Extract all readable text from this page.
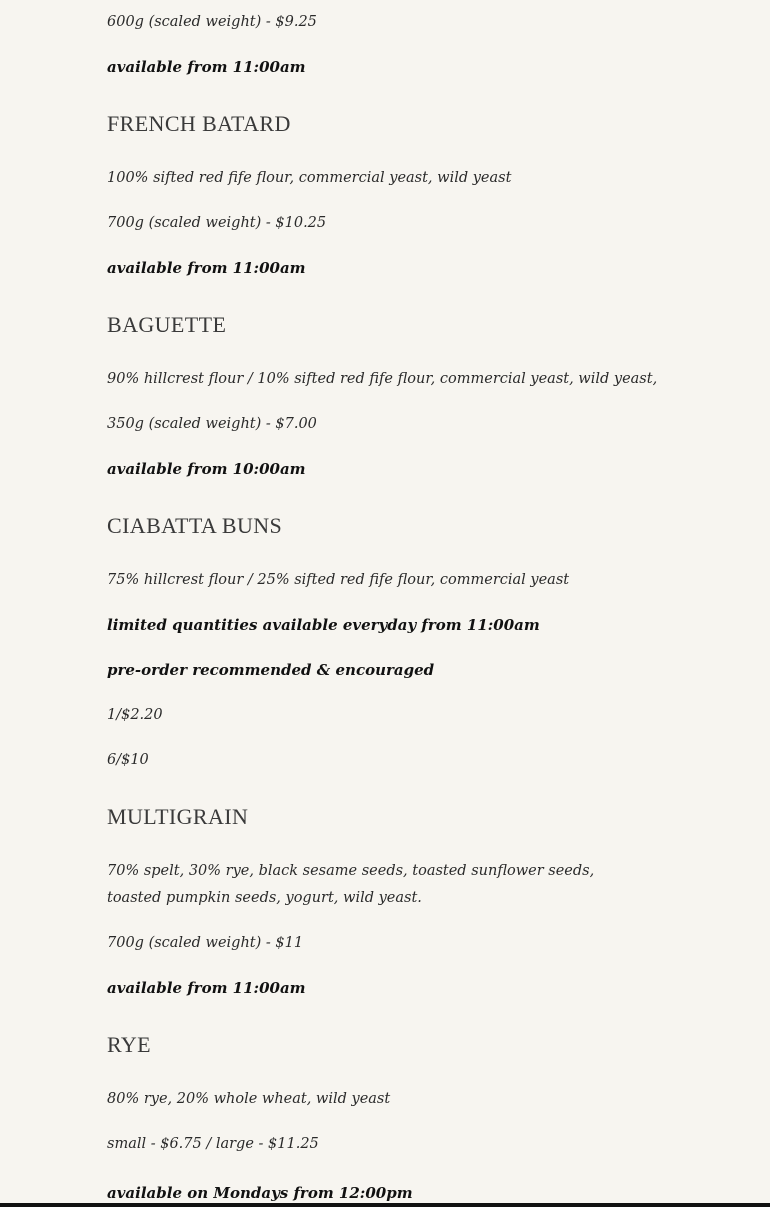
600g (scaled weight) - $9.25
available from 11:00am
FRENCH BATARD
100% sifted red fife flour, commercial yeast, wild yeast
700g (scaled weight) - $10.25
available from 11:00am
BAGUETTE
90% hillcrest flour / 10% sifted red fife flour, commercial yeast, wild yeast,
350g (scaled weight) - $7.00
available from 10:00am
CIABATTA BUNS
75% hillcrest flour / 25% sifted red fife flour, commercial yeast
limited quantities available everyday from 11:00am
pre-order recommended & encouraged
1/$2.20
6/$10
MULTIGRAIN
70% spelt, 30% rye, black sesame seeds, toasted sunflower seeds, toasted pumpkin seeds, yogurt, wild yeast.
700g (scaled weight) - $11
available from 11:00am
RYE
80% rye, 20% whole wheat, wild yeast
small - $6.75 / large - $11.25
available on Mondays from 12:00pm
